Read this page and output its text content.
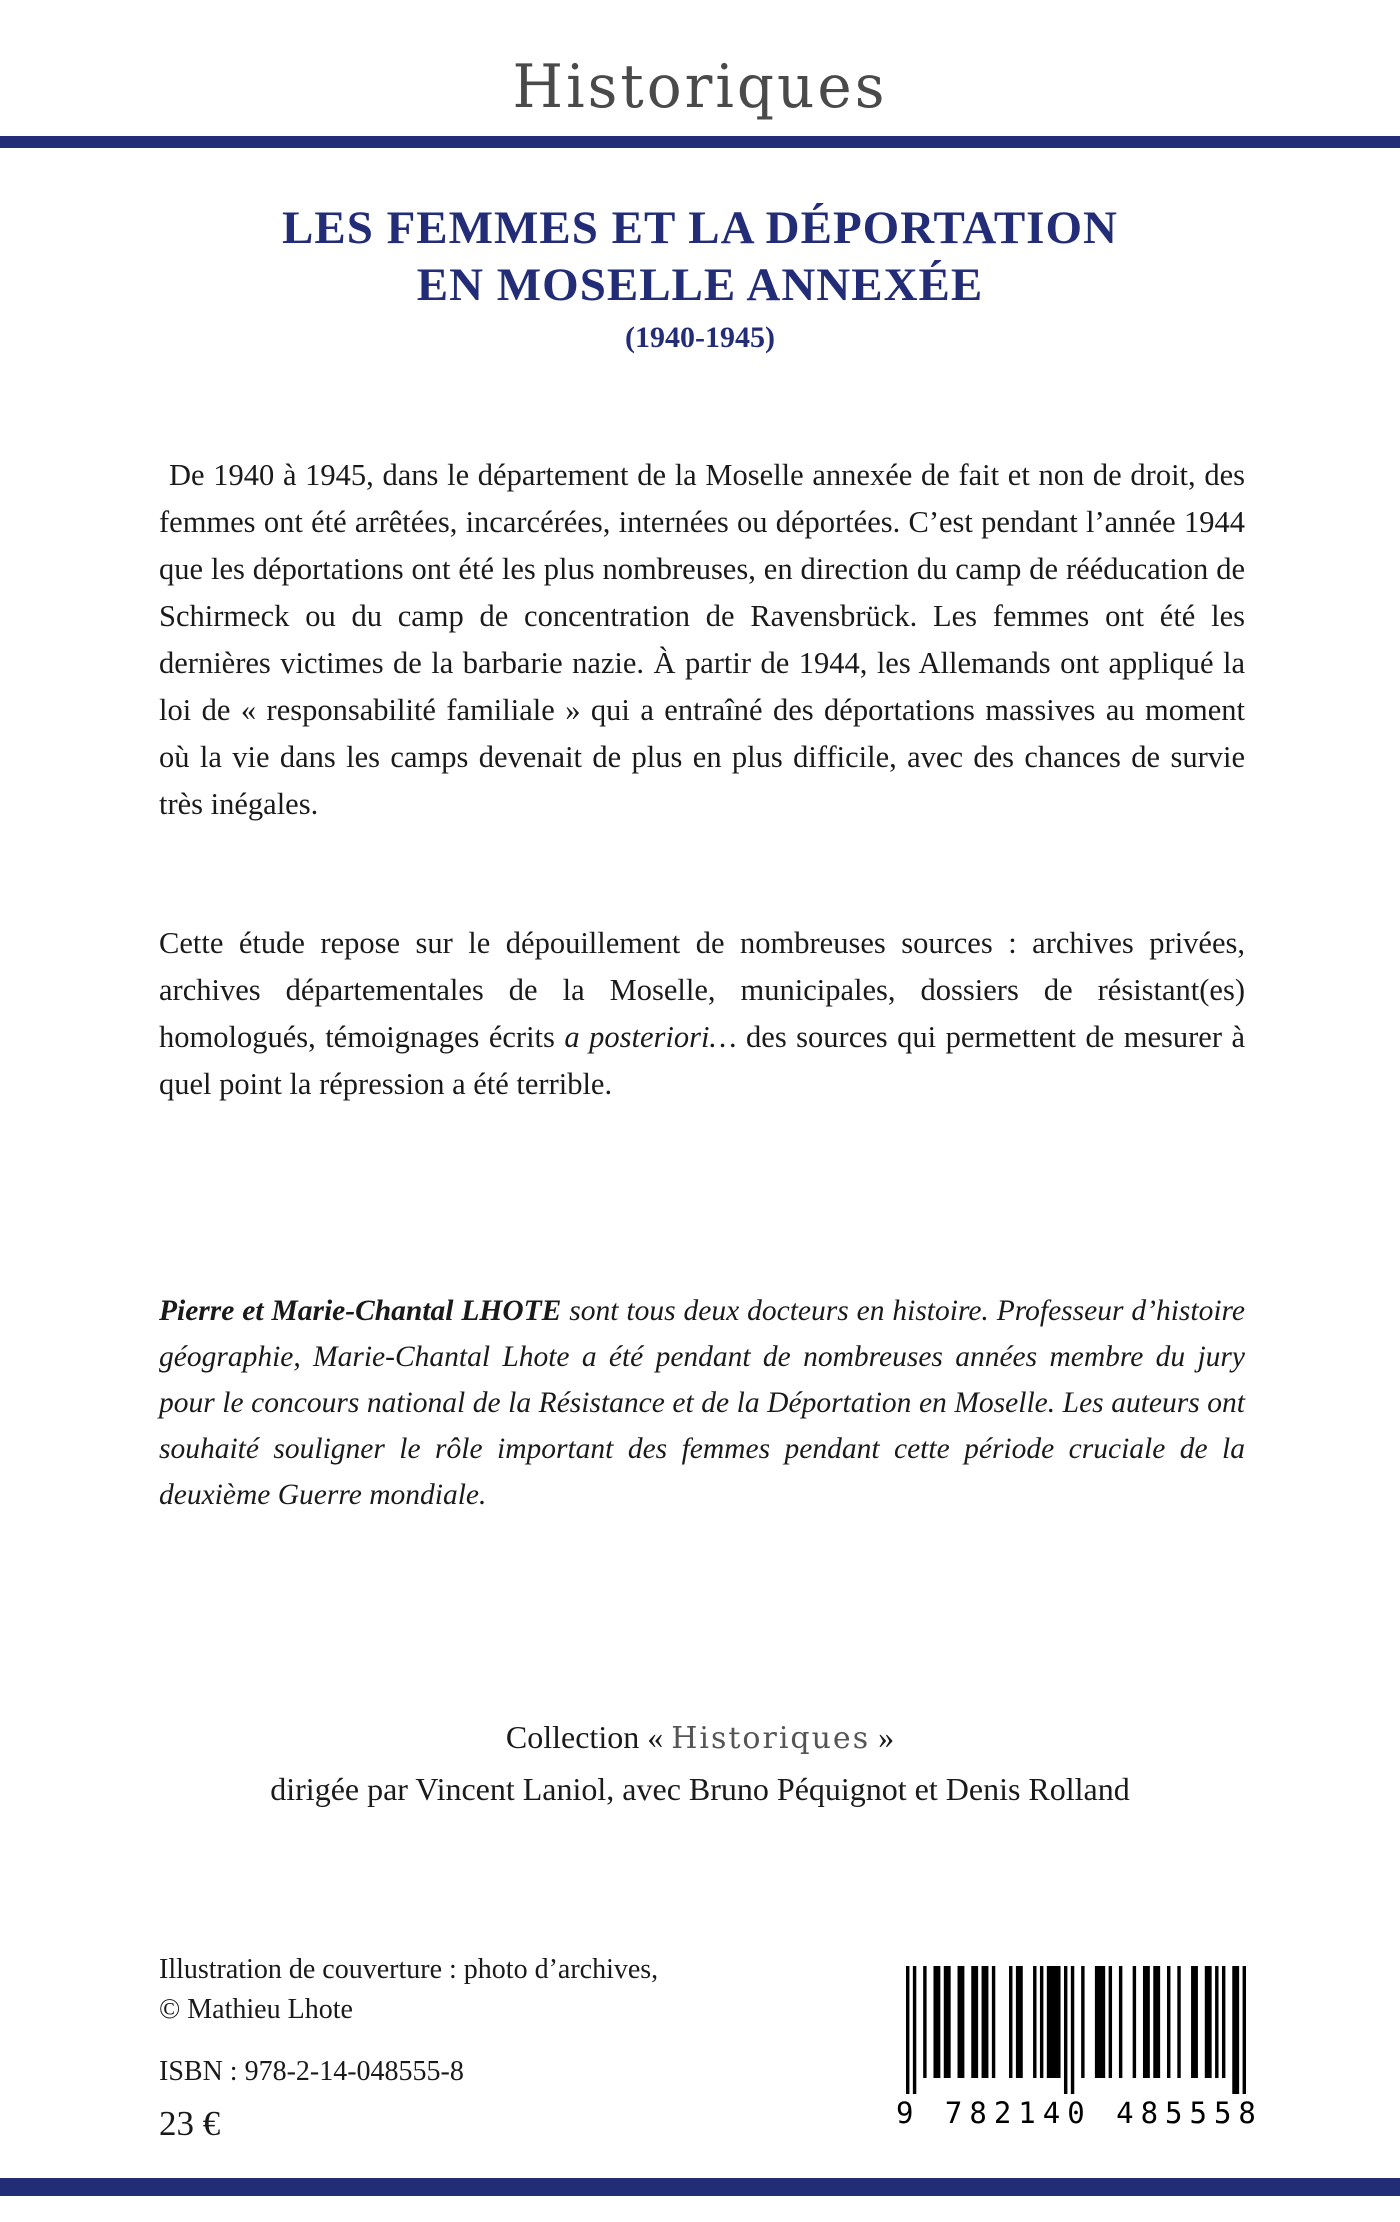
Historiques
LES FEMMES ET LA DÉPORTATION
EN MOSELLE ANNEXÉE
(1940-1945)

De 1940 à 1945, dans le département de la Moselle annexée de fait et non de droit, des femmes ont été arrêtées, incarcérées, internées ou déportées. C’est pendant l’année 1944 que les déportations ont été les plus nombreuses, en direction du camp de rééducation de Schirmeck ou du camp de concentration de Ravensbrück. Les femmes ont été les dernières victimes de la barbarie nazie. À partir de 1944, les Allemands ont appliqué la loi de « responsabilité familiale » qui a entraîné des déportations massives au moment où la vie dans les camps devenait de plus en plus difficile, avec des chances de survie très inégales.

Cette étude repose sur le dépouillement de nombreuses sources : archives privées, archives départementales de la Moselle, municipales, dossiers de résistant(es) homologués, témoignages écrits a posteriori… des sources qui permettent de mesurer à quel point la répression a été terrible.

Pierre et Marie-Chantal LHOTE sont tous deux docteurs en histoire. Professeur d’histoire géographie, Marie-Chantal Lhote a été pendant de nombreuses années membre du jury pour le concours national de la Résistance et de la Déportation en Moselle. Les auteurs ont souhaité souligner le rôle important des femmes pendant cette période cruciale de la deuxième Guerre mondiale.

Collection « Historiques »
dirigée par Vincent Laniol, avec Bruno Péquignot et Denis Rolland
Illustration de couverture : photo d’archives,
© Mathieu Lhote
ISBN : 978-2-14-048555-8
23 €	9 782140 485558
